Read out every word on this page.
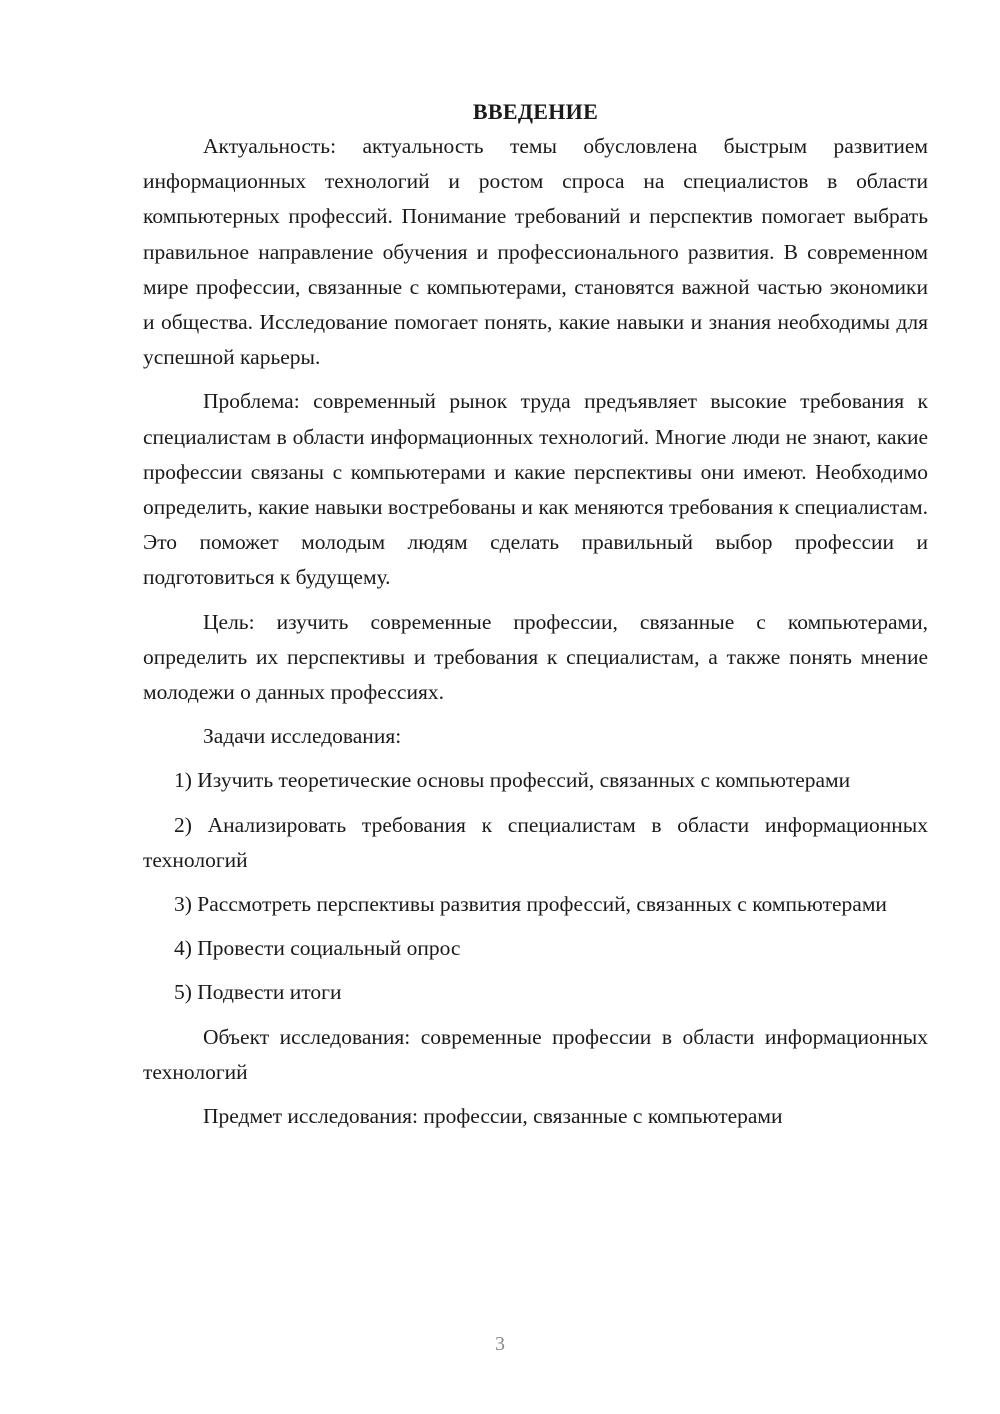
ВВЕДЕНИЕ

Актуальность: актуальность темы обусловлена быстрым развитием информационных технологий и ростом спроса на специалистов в области компьютерных профессий. Понимание требований и перспектив помогает выбрать правильное направление обучения и профессионального развития. В современном мире профессии, связанные с компьютерами, становятся важной частью экономики и общества. Исследование помогает понять, какие навыки и знания необходимы для успешной карьеры.

Проблема: современный рынок труда предъявляет высокие требования к специалистам в области информационных технологий. Многие люди не знают, какие профессии связаны с компьютерами и какие перспективы они имеют. Необходимо определить, какие навыки востребованы и как меняются требования к специалистам. Это поможет молодым людям сделать правильный выбор профессии и подготовиться к будущему.

Цель: изучить современные профессии, связанные с компьютерами, определить их перспективы и требования к специалистам, а также понять мнение молодежи о данных профессиях.

Задачи исследования:

1) Изучить теоретические основы профессий, связанных с компьютерами

2) Анализировать требования к специалистам в области информационных технологий

3) Рассмотреть перспективы развития профессий, связанных с компьютерами

4) Провести социальный опрос

5) Подвести итоги

Объект исследования: современные профессии в области информационных технологий

Предмет исследования: профессии, связанные с компьютерами

3
